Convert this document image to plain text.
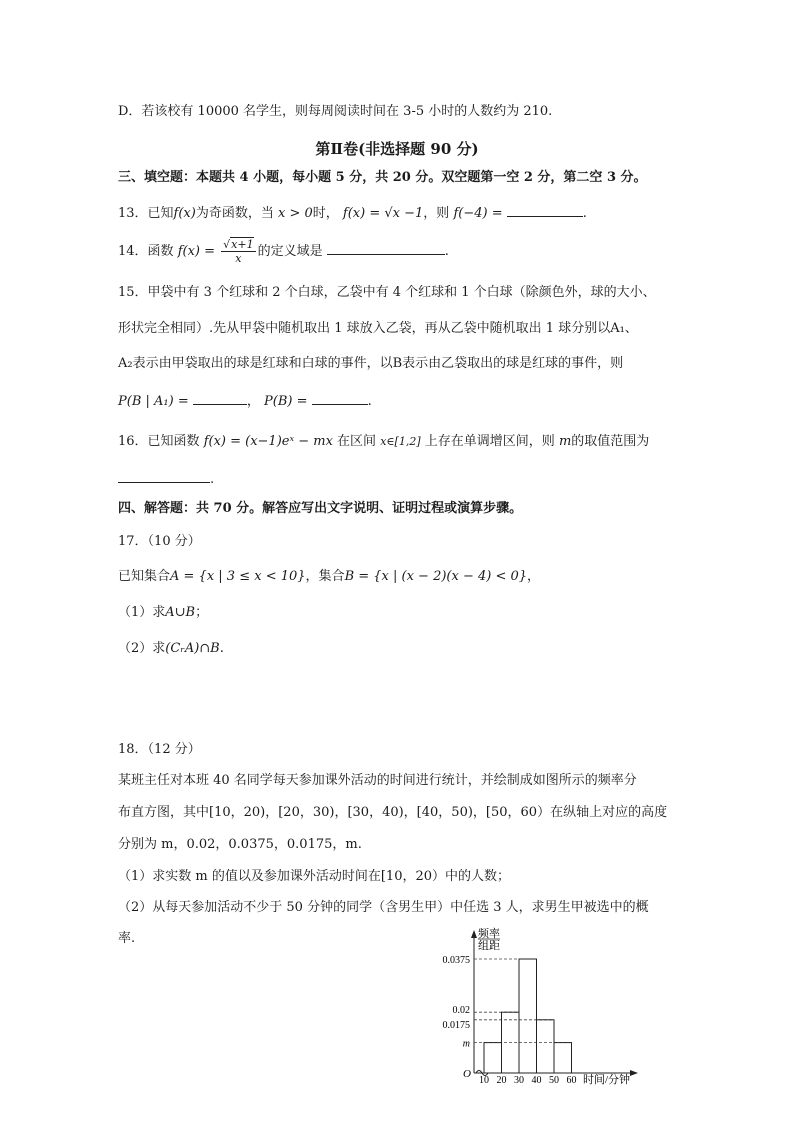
D．若该校有 10000 名学生，则每周阅读时间在 3-5 小时的人数约为 210.
第Ⅱ卷(非选择题 90 分)
三、填空题：本题共 4 小题，每小题 5 分，共 20 分。双空题第一空 2 分，第二空 3 分。
13．已知f(x)为奇函数，当 x > 0时， f(x) = √x −1，则 f(−4) =	.
14．函数 $f(x) = \frac{√x+1}{x}$ 的定义域是	.
15．甲袋中有 3 个红球和 2 个白球，乙袋中有 4 个红球和 1 个白球（除颜色外，球的大小、
形状完全相同）.先从甲袋中随机取出 1 球放入乙袋，再从乙袋中随机取出 1 球分别以A₁、
A₂表示由甲袋取出的球是红球和白球的事件，以B表示由乙袋取出的球是红球的事件，则
P(B | A₁) =	， P(B) =	.
16．已知函数 f(x) = (x−1)eˣ − mx 在区间 x∈[1,2] 上存在单调增区间，则 m的取值范围为
.
四、解答题：共 70 分。解答应写出文字说明、证明过程或演算步骤。
17．（10 分）
已知集合A = {x | 3 ≤ x < 10}，集合B = {x | (x − 2)(x − 4) < 0}，
（1）求A∪B；
（2）求(CᵣA)∩B.
18．（12 分）
某班主任对本班 40 名同学每天参加课外活动的时间进行统计，并绘制成如图所示的频率分
布直方图，其中[10，20)，[20，30)，[30，40)，[40，50)，[50，60）在纵轴上对应的高度
分别为 m，0.02，0.0375，0.0175，m.
（1）求实数 m 的值以及参加课外活动时间在[10，20）中的人数；
（2）从每天参加活动不少于 50 分钟的同学（含男生甲）中任选 3 人，求男生甲被选中的概
率.	频率
组距
时间/分钟
O
0.0375
0.02
0.0175
m
10 20 30 40 50 60
